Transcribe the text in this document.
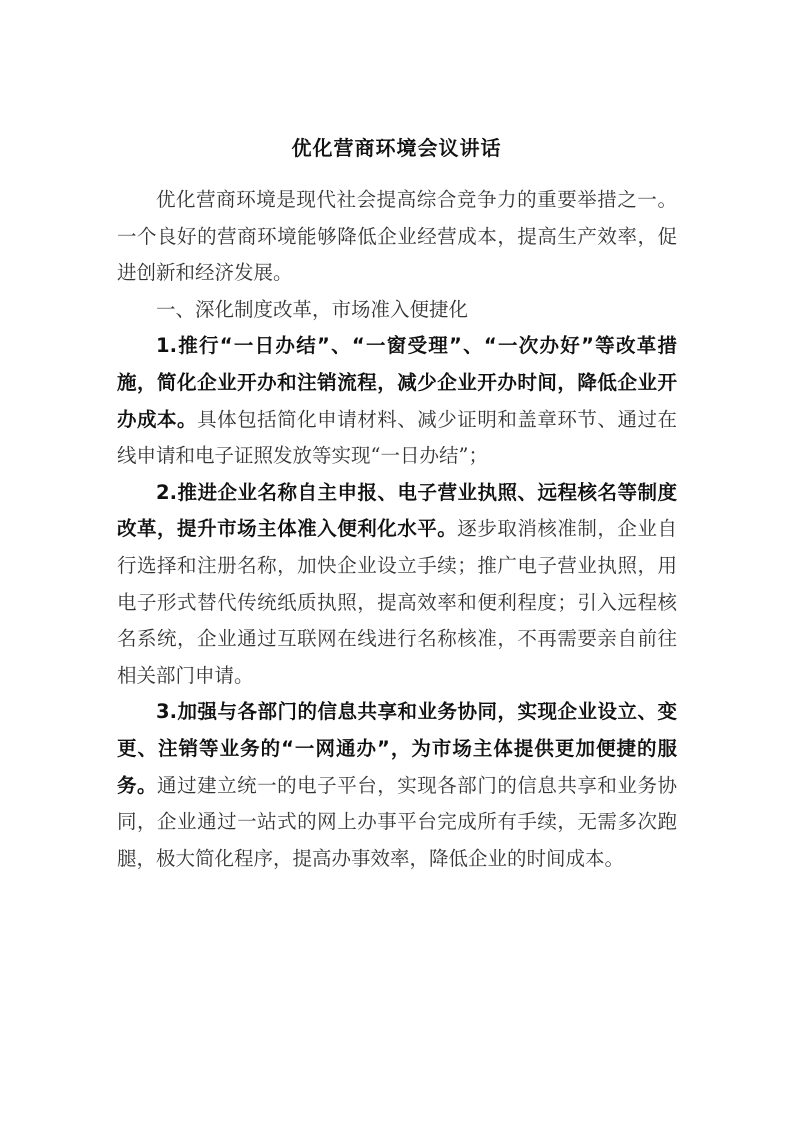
优化营商环境会议讲话

优化营商环境是现代社会提高综合竞争力的重要举措之一。一个良好的营商环境能够降低企业经营成本，提高生产效率，促进创新和经济发展。

一、深化制度改革，市场准入便捷化

1.推行“一日办结”、“一窗受理”、“一次办好”等改革措施，简化企业开办和注销流程，减少企业开办时间，降低企业开办成本。具体包括简化申请材料、减少证明和盖章环节、通过在线申请和电子证照发放等实现“一日办结”；

2.推进企业名称自主申报、电子营业执照、远程核名等制度改革，提升市场主体准入便利化水平。逐步取消核准制，企业自行选择和注册名称，加快企业设立手续；推广电子营业执照，用电子形式替代传统纸质执照，提高效率和便利程度；引入远程核名系统，企业通过互联网在线进行名称核准，不再需要亲自前往相关部门申请。

3.加强与各部门的信息共享和业务协同，实现企业设立、变更、注销等业务的“一网通办”，为市场主体提供更加便捷的服务。通过建立统一的电子平台，实现各部门的信息共享和业务协同，企业通过一站式的网上办事平台完成所有手续，无需多次跑腿，极大简化程序，提高办事效率，降低企业的时间成本。
